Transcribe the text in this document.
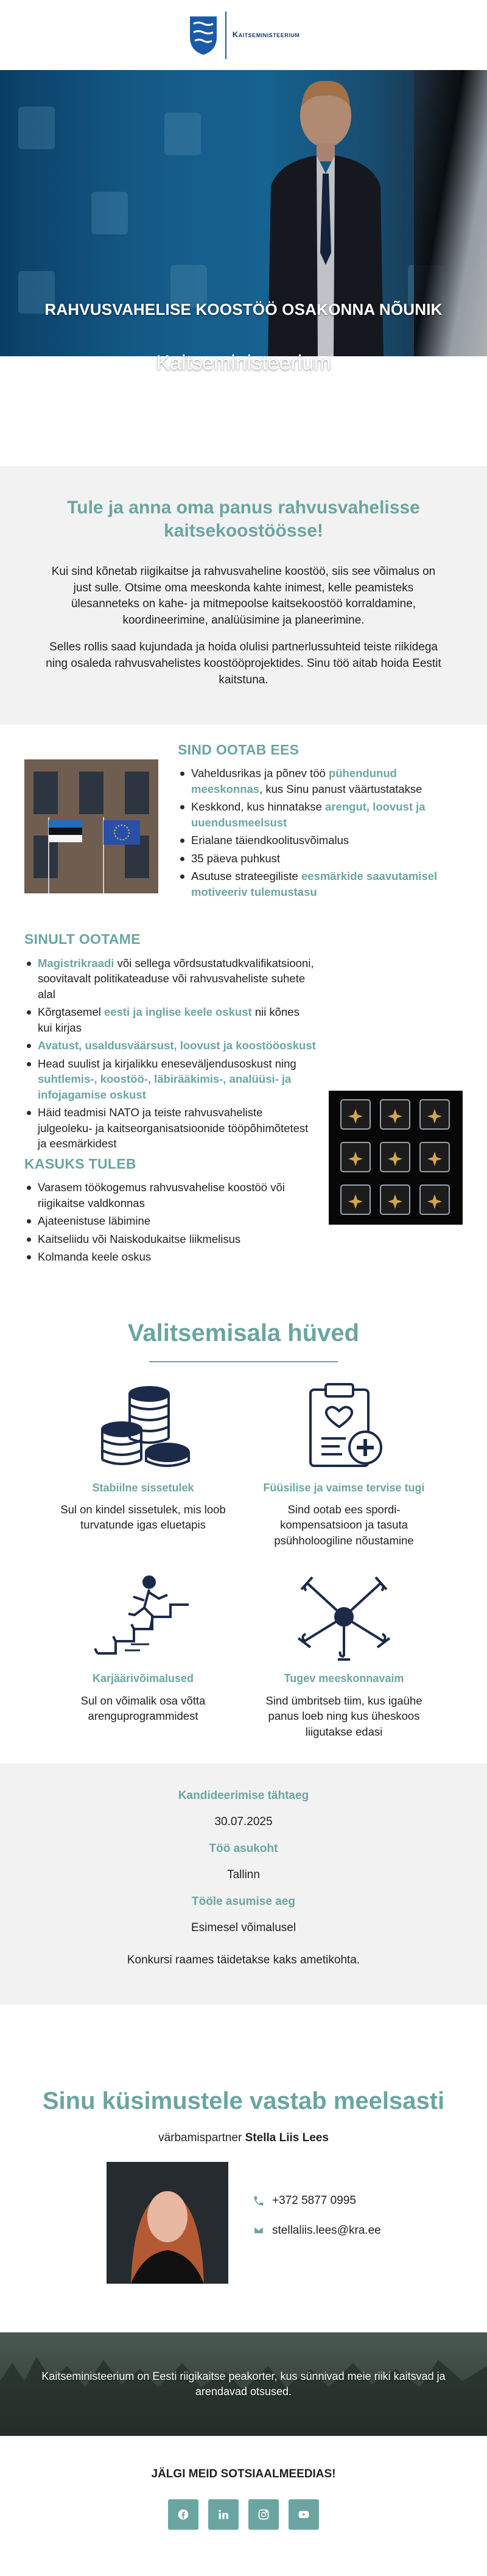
Kaitseministeerium
RAHVUSVAHELISE KOOSTÖÖ OSAKONNA NÕUNIK
Kaitseministeerium
Tule ja anna oma panus rahvusvahelisse kaitsekoostöösse!

Kui sind kõnetab riigikaitse ja rahvusvaheline koostöö, siis see võimalus on just sulle. Otsime oma meeskonda kahte inimest, kelle peamisteks ülesanneteks on kahe- ja mitmepoolse kaitsekoostöö korraldamine, koordineerimine, analüüsimine ja planeerimine.

Selles rollis saad kujundada ja hoida olulisi partnerlussuhteid teiste riikidega ning osaleda rahvusvahelistes koostööprojektides. Sinu töö aitab hoida Eestit kaitstuna.

SIND OOTAB EES
Vaheldusrikas ja põnev töö pühendunud meeskonnas, kus Sinu panust väärtustatakse
Keskkond, kus hinnatakse arengut, loovust ja uuendusmeelsust
Erialane täiendkoolitusvõimalus
35 päeva puhkust
Asutuse strateegiliste eesmärkide saavutamisel motiveeriv tulemustasu
SINULT OOTAME
Magistrikraadi või sellega võrdsustatudkvalifikatsiooni, soovitavalt politikateaduse või rahvusvaheliste suhete alal
Kõrgtasemel eesti ja inglise keele oskust nii kõnes kui kirjas
Avatust, usaldusväärsust, loovust ja koostööoskust
Head suulist ja kirjalikku eneseväljendusoskust ning suhtlemis-, koostöö-, läbirääkimis-, analüüsi- ja infojagamise oskust
Häid teadmisi NATO ja teiste rahvusvaheliste julgeoleku- ja kaitseorganisatsioonide tööpõhimõtetest ja eesmärkidest
KASUKS TULEB
Varasem töökogemus rahvusvahelise koostöö või riigikaitse valdkonnas
Ajateenistuse läbimine
Kaitseliidu või Naiskodukaitse liikmelisus
Kolmanda keele oskus
Valitsemisala hüved
Stabiilne sissetulek
Sul on kindel sissetulek, mis loob turvatunde igas eluetapis
Füüsilise ja vaimse tervise tugi
Sind ootab ees spordi-kompensatsioon ja tasuta psühholoogiline nõustamine
Karjäärivõimalused
Sul on võimalik osa võtta arenguprogrammidest
Tugev meeskonnavaim
Sind ümbritseb tiim, kus igaühe panus loeb ning kus üheskoos liigutakse edasi
Kandideerimise tähtaeg
30.07.2025
Töö asukoht
Tallinn
Tööle asumise aeg
Esimesel võimalusel
Konkursi raames täidetakse kaks ametikohta.
Sinu küsimustele vastab meelsasti
värbamispartner Stella Liis Lees
+372 5877 0995
stellaliis.lees@kra.ee
Kaitseministeerium on Eesti riigikaitse peakorter, kus sünnivad meie riiki kaitsvad ja arendavad otsused.
JÄLGI MEID SOTSIAALMEEDIAS!
